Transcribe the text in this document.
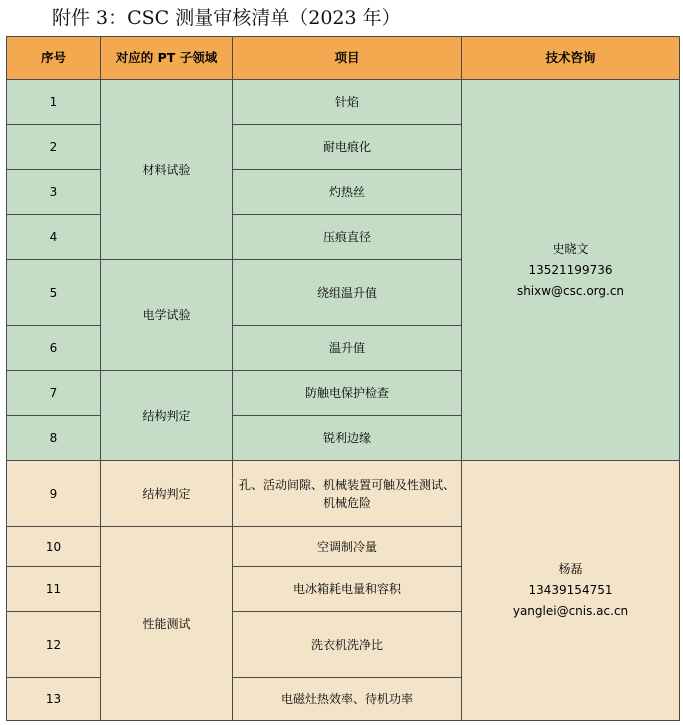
附件 3：CSC 测量审核清单（2023 年）
序号	对应的 PT 子领域	项目	技术咨询
1	材料试验	针焰	史晓文
13521199736
shixw@csc.org.cn

2		耐电痕化	
3		灼热丝	
4		压痕直径	
5	电学试验	绕组温升值	
6		温升值	
7	结构判定	防触电保护检查	
8		锐利边缘	
9	结构判定	孔、活动间隙、机械装置可触及性测试、机械危险	杨磊
13439154751
yanglei@cnis.ac.cn

10	性能测试	空调制冷量	
11		电冰箱耗电量和容积	
12		洗衣机洗净比	
13		电磁灶热效率、待机功率	
